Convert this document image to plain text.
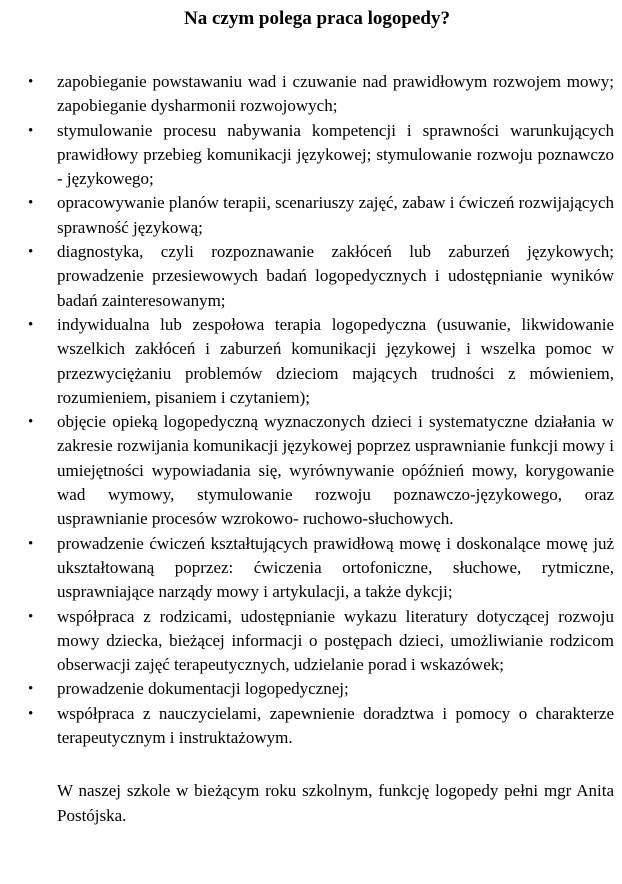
Na czym polega praca logopedy?
• zapobieganie powstawaniu wad i czuwanie nad prawidłowym rozwojem mowy; zapobieganie dysharmonii rozwojowych;
• stymulowanie procesu nabywania kompetencji i sprawności warunkujących prawidłowy przebieg komunikacji językowej; stymulowanie rozwoju poznawczo - językowego;
• opracowywanie planów terapii, scenariuszy zajęć, zabaw i ćwiczeń rozwijających sprawność językową;
• diagnostyka, czyli rozpoznawanie zakłóceń lub zaburzeń językowych; prowadzenie przesiewowych badań logopedycznych i udostępnianie wyników badań zainteresowanym;
• indywidualna lub zespołowa terapia logopedyczna (usuwanie, likwidowanie wszelkich zakłóceń i zaburzeń komunikacji językowej i wszelka pomoc w przezwyciężaniu problemów dzieciom mających trudności z mówieniem, rozumieniem, pisaniem i czytaniem);
• objęcie opieką logopedyczną wyznaczonych dzieci i systematyczne działania w zakresie rozwijania komunikacji językowej poprzez usprawnianie funkcji mowy i umiejętności wypowiadania się, wyrównywanie opóźnień mowy, korygowanie wad wymowy, stymulowanie rozwoju poznawczo-językowego, oraz usprawnianie procesów wzrokowo- ruchowo-słuchowych.
• prowadzenie ćwiczeń kształtujących prawidłową mowę i doskonalące mowę już ukształtowaną poprzez: ćwiczenia ortofoniczne, słuchowe, rytmiczne, usprawniające narządy mowy i artykulacji, a także dykcji;
• współpraca z rodzicami, udostępnianie wykazu literatury dotyczącej rozwoju mowy dziecka, bieżącej informacji o postępach dzieci, umożliwianie rodzicom obserwacji zajęć terapeutycznych, udzielanie porad i wskazówek;
• prowadzenie dokumentacji logopedycznej;
• współpraca z nauczycielami, zapewnienie doradztwa i pomocy o charakterze terapeutycznym i instruktażowym.

W naszej szkole w bieżącym roku szkolnym, funkcję logopedy pełni mgr Anita Postójska.
